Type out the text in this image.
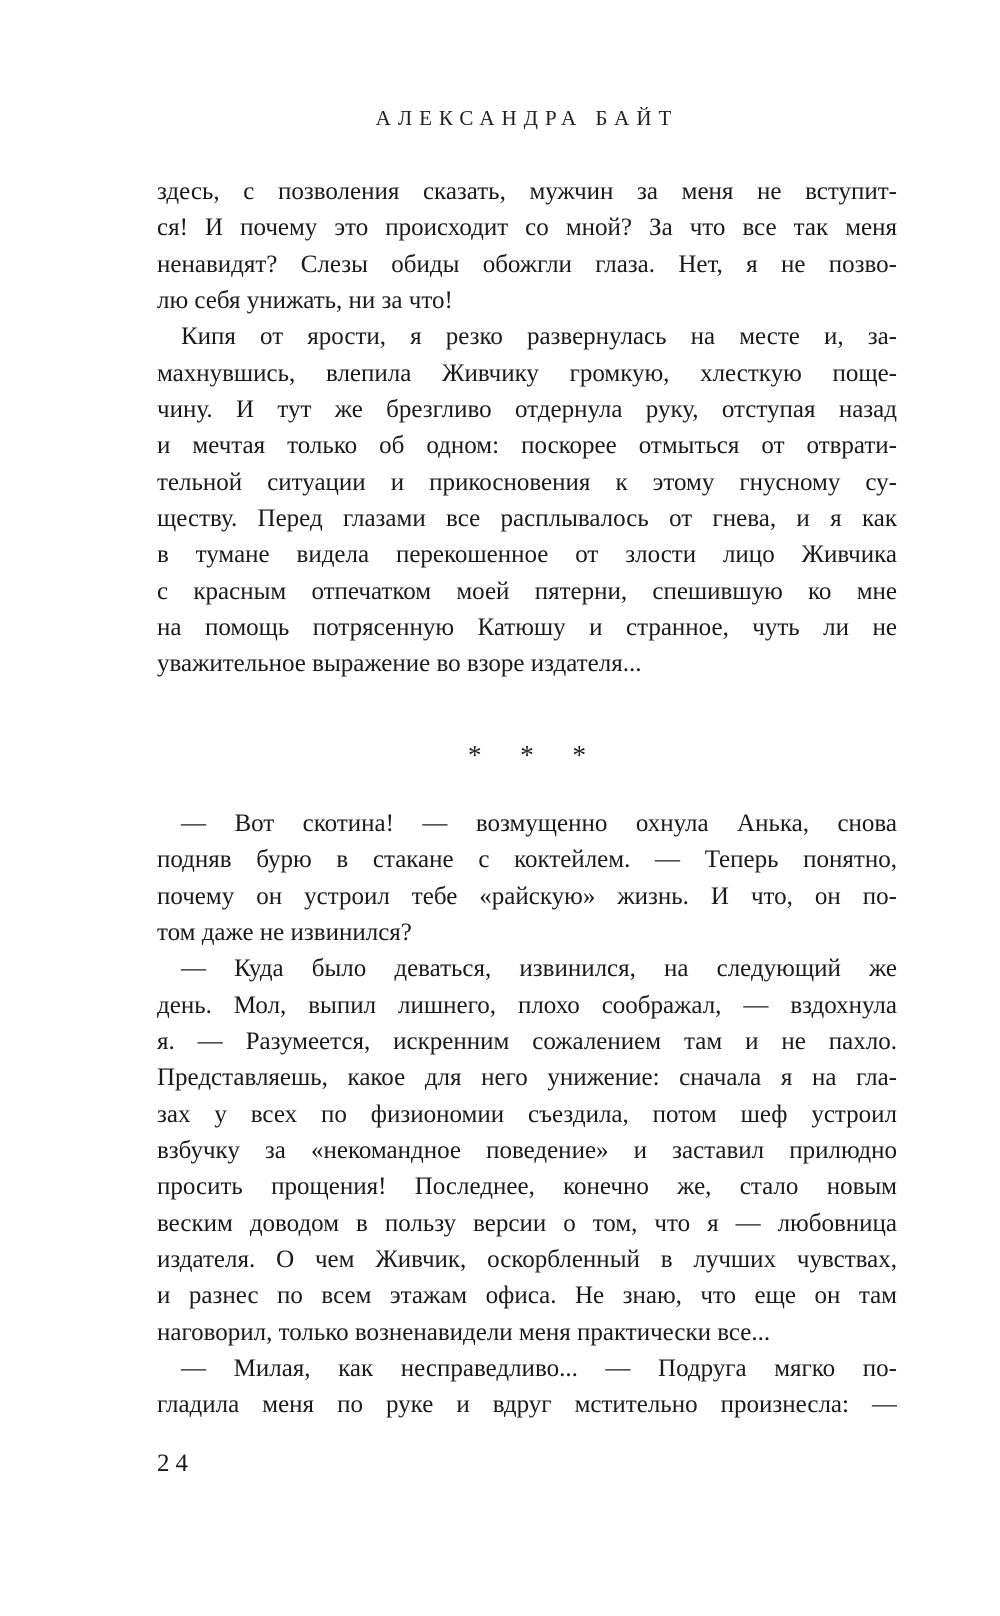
АЛЕКСАНДРА БАЙТ
здесь, с позволения сказать, мужчин за меня не вступит-
ся! И почему это происходит со мной? За что все так меня
ненавидят? Слезы обиды обожгли глаза. Нет, я не позво-
лю себя унижать, ни за что!
Кипя от ярости, я резко развернулась на месте и, за-
махнувшись, влепила Живчику громкую, хлесткую поще-
чину. И тут же брезгливо отдернула руку, отступая назад
и мечтая только об одном: поскорее отмыться от отврати-
тельной ситуации и прикосновения к этому гнусному су-
ществу. Перед глазами все расплывалось от гнева, и я как
в тумане видела перекошенное от злости лицо Живчика
с красным отпечатком моей пятерни, спешившую ко мне
на помощь потрясенную Катюшу и странное, чуть ли не
уважительное выражение во взоре издателя...
* * *
— Вот скотина! — возмущенно охнула Анька, снова
подняв бурю в стакане с коктейлем. — Теперь понятно,
почему он устроил тебе «райскую» жизнь. И что, он по-
том даже не извинился?
— Куда было деваться, извинился, на следующий же
день. Мол, выпил лишнего, плохо соображал, — вздохнула
я. — Разумеется, искренним сожалением там и не пахло.
Представляешь, какое для него унижение: сначала я на гла-
зах у всех по физиономии съездила, потом шеф устроил
взбучку за «некомандное поведение» и заставил прилюдно
просить прощения! Последнее, конечно же, стало новым
веским доводом в пользу версии о том, что я — любовница
издателя. О чем Живчик, оскорбленный в лучших чувствах,
и разнес по всем этажам офиса. Не знаю, что еще он там
наговорил, только возненавидели меня практически все...
— Милая, как несправедливо... — Подруга мягко по-
гладила меня по руке и вдруг мстительно произнесла: —
24
